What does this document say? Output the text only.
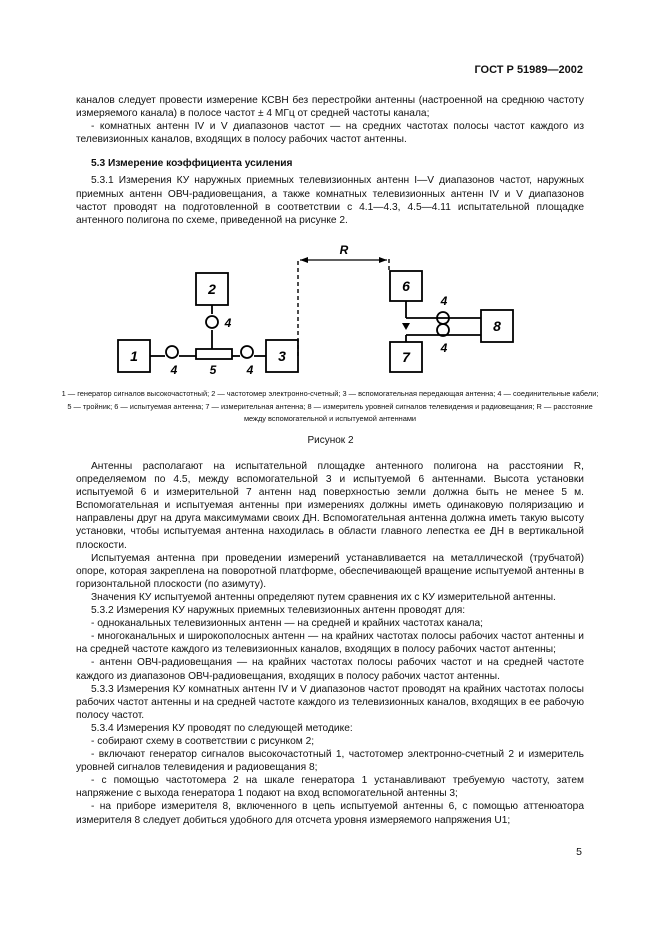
ГОСТ Р 51989—2002

каналов следует провести измерение КСВН без перестройки антенны (настроенной на среднюю частоту измеряемого канала) в полосе частот ± 4 МГц от средней частоты канала;

- комнатных антенн IV и V диапазонов частот — на средних частотах полосы частот каждого из телевизионных каналов, входящих в полосу рабочих частот антенны.

5.3 Измерение коэффициента усиления

5.3.1 Измерения КУ наружных приемных телевизионных антенн I—V диапазонов частот, наружных приемных антенн ОВЧ-радиовещания, а также комнатных телевизионных антенн IV и V диапазонов частот проводят на подготовленной в соответствии с 4.1—4.3, 4.5—4.11 испытательной площадке антенного полигона по схеме, приведенной на рисунке 2.

1
2
3
6
7
8
5
4	4
4
4
4
R
1 — генератор сигналов высокочастотный; 2 — частотомер электронно-счетный; 3 — вспомогательная передающая антенна; 4 — соединительные кабели; 5 — тройник; 6 — испытуемая антенна; 7 — измерительная антенна; 8 — измеритель уровней сигналов телевидения и радиовещания; R — расстояние между вспомогательной и испытуемой антеннами
Рисунок 2

Антенны располагают на испытательной площадке антенного полигона на расстоянии R, определяемом по 4.5, между вспомогательной 3 и испытуемой 6 антеннами. Высота установки испытуемой 6 и измерительной 7 антенн над поверхностью земли должна быть не менее 5 м. Вспомогательная и испытуемая антенны при измерениях должны иметь одинаковую поляризацию и направлены друг на друга максимумами своих ДН. Вспомогательная антенна должна иметь такую высоту установки, чтобы испытуемая антенна находилась в области главного лепестка ее ДН в вертикальной плоскости.

Испытуемая антенна при проведении измерений устанавливается на металлической (трубчатой) опоре, которая закреплена на поворотной платформе, обеспечивающей вращение испытуемой антенны в горизонтальной плоскости (по азимуту).

Значения КУ испытуемой антенны определяют путем сравнения их с КУ измерительной антенны.

5.3.2 Измерения КУ наружных приемных телевизионных антенн проводят для:

- одноканальных телевизионных антенн — на средней и крайних частотах канала;

- многоканальных и широкополосных антенн — на крайних частотах полосы рабочих частот антенны и на средней частоте каждого из телевизионных каналов, входящих в полосу рабочих частот антенны;

- антенн ОВЧ-радиовещания — на крайних частотах полосы рабочих частот и на средней частоте каждого из диапазонов ОВЧ-радиовещания, входящих в полосу рабочих частот антенны.

5.3.3 Измерения КУ комнатных антенн IV и V диапазонов частот проводят на крайних частотах полосы рабочих частот антенны и на средней частоте каждого из телевизионных каналов, входящих в ее рабочую полосу частот.

5.3.4 Измерения КУ проводят по следующей методике:

- собирают схему в соответствии с рисунком 2;

- включают генератор сигналов высокочастотный 1, частотомер электронно-счетный 2 и измеритель уровней сигналов телевидения и радиовещания 8;

- с помощью частотомера 2 на шкале генератора 1 устанавливают требуемую частоту, затем напряжение с выхода генератора 1 подают на вход вспомогательной антенны 3;

- на приборе измерителя 8, включенного в цепь испытуемой антенны 6, с помощью аттенюатора измерителя 8 следует добиться удобного для отсчета уровня измеряемого напряжения U1;

5
